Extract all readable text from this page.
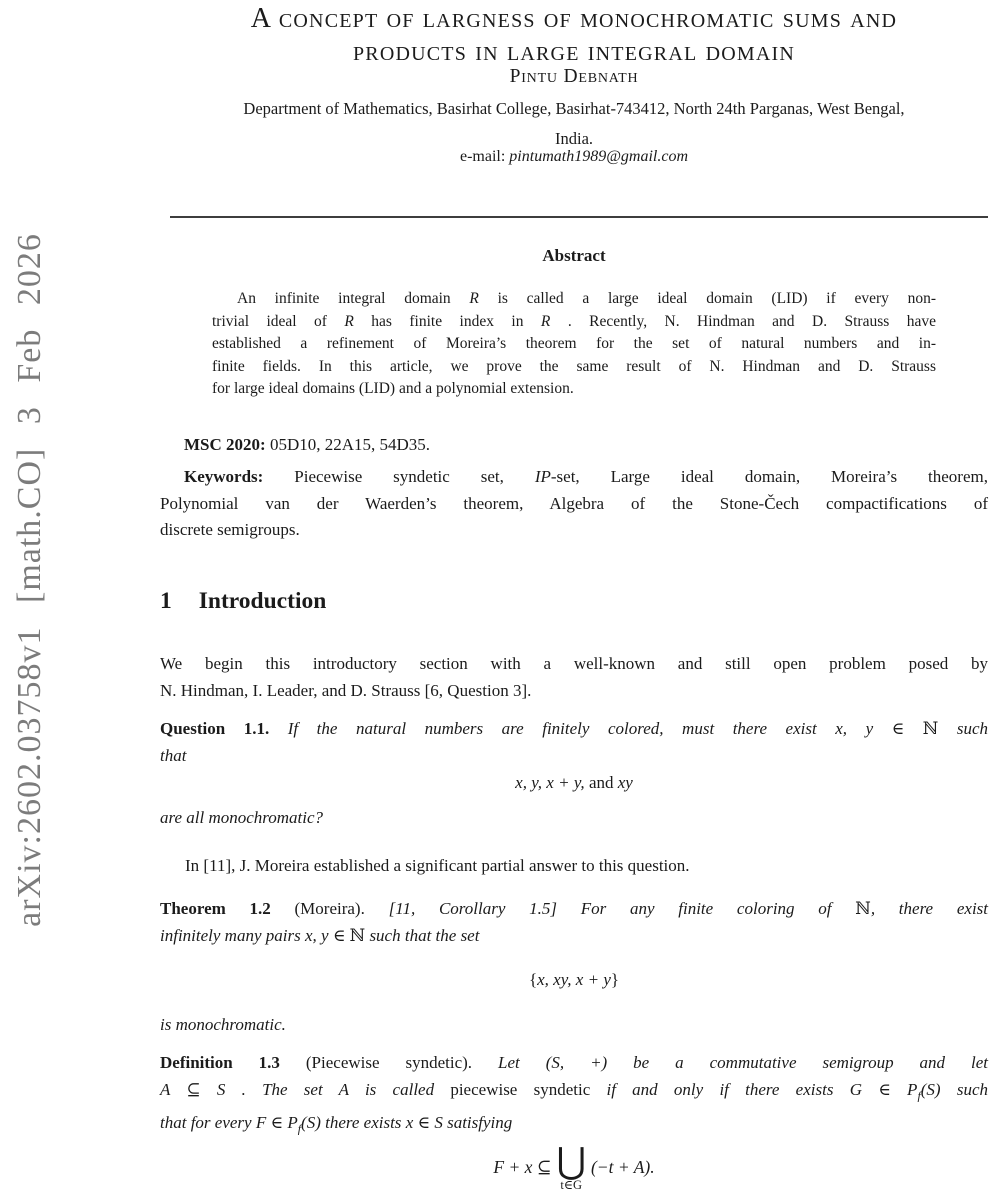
arXiv:2602.03758v1 [math.CO] 3 Feb 2026
A concept of largness of monochromatic sums and
products in large integral domain
Pintu Debnath
Department of Mathematics, Basirhat College, Basirhat-743412, North 24th Parganas, West Bengal,
India.
e-mail: pintumath1989@gmail.com
Abstract
An infinite integral domain R is called a large ideal domain (LID) if every non-
trivial ideal of R has finite index in R . Recently, N. Hindman and D. Strauss have
established a refinement of Moreira’s theorem for the set of natural numbers and in-
finite fields. In this article, we prove the same result of N. Hindman and D. Strauss
for large ideal domains (LID) and a polynomial extension.
MSC 2020: 05D10, 22A15, 54D35.
Keywords: Piecewise syndetic set, IP-set, Large ideal domain, Moreira’s theorem,
Polynomial van der Waerden’s theorem, Algebra of the Stone-Čech compactifications of
discrete semigroups.
1 Introduction
We begin this introductory section with a well-known and still open problem posed by
N. Hindman, I. Leader, and D. Strauss [6, Question 3].
Question 1.1. If the natural numbers are finitely colored, must there exist x, y ∈ ℕ such
that
x, y, x + y, and xy
are all monochromatic?
In [11], J. Moreira established a significant partial answer to this question.
Theorem 1.2 (Moreira). [11, Corollary 1.5] For any finite coloring of ℕ, there exist
infinitely many pairs x, y ∈ ℕ such that the set
{x, xy, x + y}
is monochromatic.
Definition 1.3 (Piecewise syndetic). Let (S, +) be a commutative semigroup and let
A ⊆ S . The set A is called piecewise syndetic if and only if there exists G ∈ $P_f(S)$ such
that for every F ∈ $P_f(S)$ there exists x ∈ S satisfying
F + x ⊆ ⋃
t∈G
(−t + A).
